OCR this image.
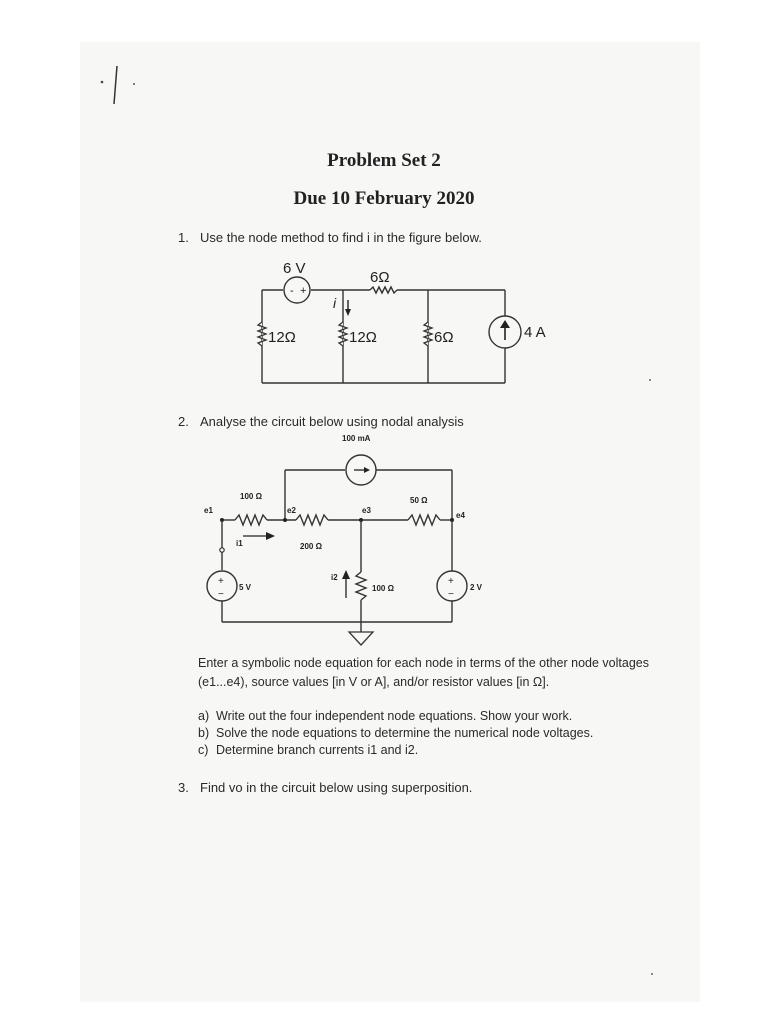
Problem Set 2
Due 10 February 2020
1. Use the node method to find i in the figure below.
6 V
- +
6Ω
i
12Ω	12Ω	6Ω	4 A
2. Analyse the circuit below using nodal analysis
100 mA
100 Ω	50 Ω
e1	e2	e3
e4
i1	200 Ω
i2
100 Ω
+
−
5 V
+
−
2 V
Enter a symbolic node equation for each node in terms of the other node voltages
(e1...e4), source values [in V or A], and/or resistor values [in Ω].
a) Write out the four independent node equations. Show your work.
b) Solve the node equations to determine the numerical node voltages.
c) Determine branch currents i1 and i2.
3. Find vo in the circuit below using superposition.
